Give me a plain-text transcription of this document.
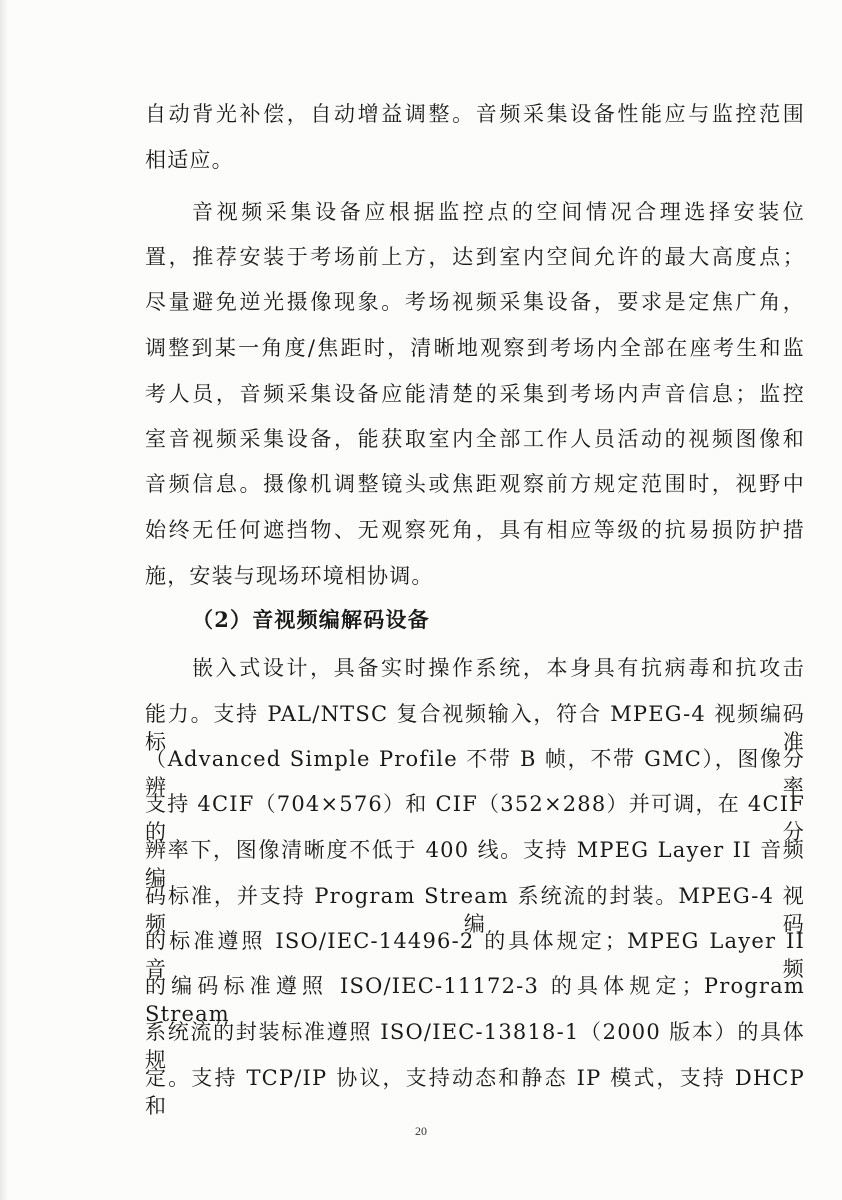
自动背光补偿，自动增益调整。音频采集设备性能应与监控范围
相适应。
音视频采集设备应根据监控点的空间情况合理选择安装位
置，推荐安装于考场前上方，达到室内空间允许的最大高度点；
尽量避免逆光摄像现象。考场视频采集设备，要求是定焦广角，
调整到某一角度/焦距时，清晰地观察到考场内全部在座考生和监
考人员，音频采集设备应能清楚的采集到考场内声音信息；监控
室音视频采集设备，能获取室内全部工作人员活动的视频图像和
音频信息。摄像机调整镜头或焦距观察前方规定范围时，视野中
始终无任何遮挡物、无观察死角，具有相应等级的抗易损防护措
施，安装与现场环境相协调。
（2）音视频编解码设备
嵌入式设计，具备实时操作系统，本身具有抗病毒和抗攻击
能力。支持 PAL/NTSC 复合视频输入，符合 MPEG-4 视频编码标准
（Advanced Simple Profile 不带 B 帧，不带 GMC），图像分辨率
支持 4CIF（704×576）和 CIF（352×288）并可调，在 4CIF 的分
辨率下，图像清晰度不低于 400 线。支持 MPEG Layer II 音频编
码标准，并支持 Program Stream 系统流的封装。MPEG-4 视频编码
的标准遵照 ISO/IEC-14496-2 的具体规定；MPEG Layer II 音频
的编码标准遵照 ISO/IEC-11172-3 的具体规定；Program Stream
系统流的封装标准遵照 ISO/IEC-13818-1（2000 版本）的具体规
定。支持 TCP/IP 协议，支持动态和静态 IP 模式，支持 DHCP 和
20
